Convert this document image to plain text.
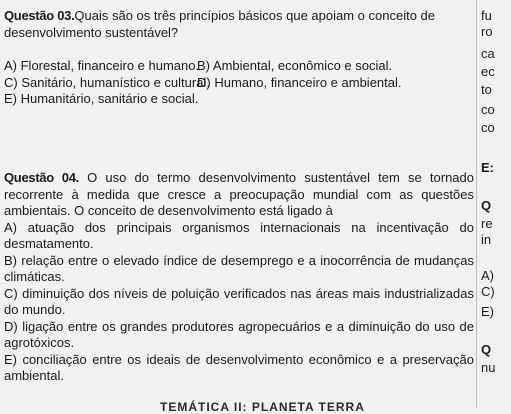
Questão 03.Quais são os três princípios básicos que apoiam o conceito de desenvolvimento sustentável?

A) Florestal, financeiro e humano.
B) Ambiental, econômico e social.
C) Sanitário, humanístico e cultural.
D) Humano, financeiro e ambiental.
E) Humanitário, sanitário e social.

Questão 04. O uso do termo desenvolvimento sustentável tem se tornado recorrente à medida que cresce a preocupação mundial com as questões ambientais. O conceito de desenvolvimento está ligado à

A) atuação dos principais organismos internacionais na incentivação do desmatamento.

B) relação entre o elevado índice de desemprego e a inocorrência de mudanças climáticas.

C) diminuição dos níveis de poluição verificados nas áreas mais industrializadas do mundo.

D) ligação entre os grandes produtores agropecuários e a diminuição do uso de agrotóxicos.

E) conciliação entre os ideais de desenvolvimento econômico e a preservação ambiental.

TEMÁTICA II: PLANETA TERRA
fu
ro
ca
ec
to
co
co
E:
Q
re
in
A)
C)
E)
Q
nu
